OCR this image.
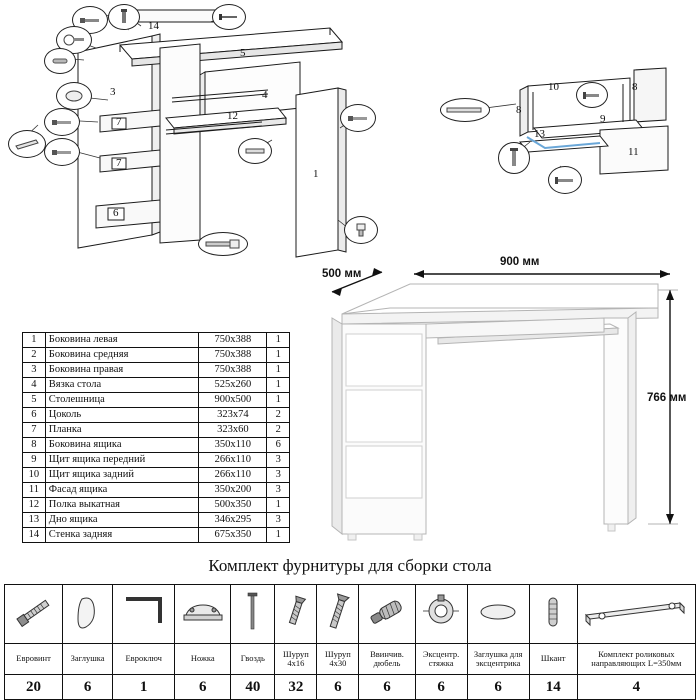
14
5
4
3
7
7
12
6
1
10	8
8
9
13
11
1	Боковина левая	750x388	1
2	Боковина средняя	750x388	1
3	Боковина правая	750x388	1
4	Вязка стола	525x260	1
5	Столешница	900x500	1
6	Цоколь	323x74	2
7	Планка	323x60	2
8	Боковина ящика	350x110	6
9	Щит ящика передний	266x110	3
10	Щит ящика задний	266x110	3
11	Фасад ящика	350x200	3
12	Полка выкатная	500x350	1
13	Дно ящика	346x295	3
14	Стенка задняя	675x350	1
500 мм
900 мм
766 мм
Комплект фурнитуры для сборки стола

Евровинт	Заглушка	Евроключ	Ножка	Гвоздь	Шуруп 4x16	Шуруп 4x30	Ввинчив. дюбель	Эксцентр. стяжка	Заглушка для эксцентрика	Шкант	Комплект роликовых направляющих L=350мм
20	6	1	6	40	32	6	6	6	6	14	4
